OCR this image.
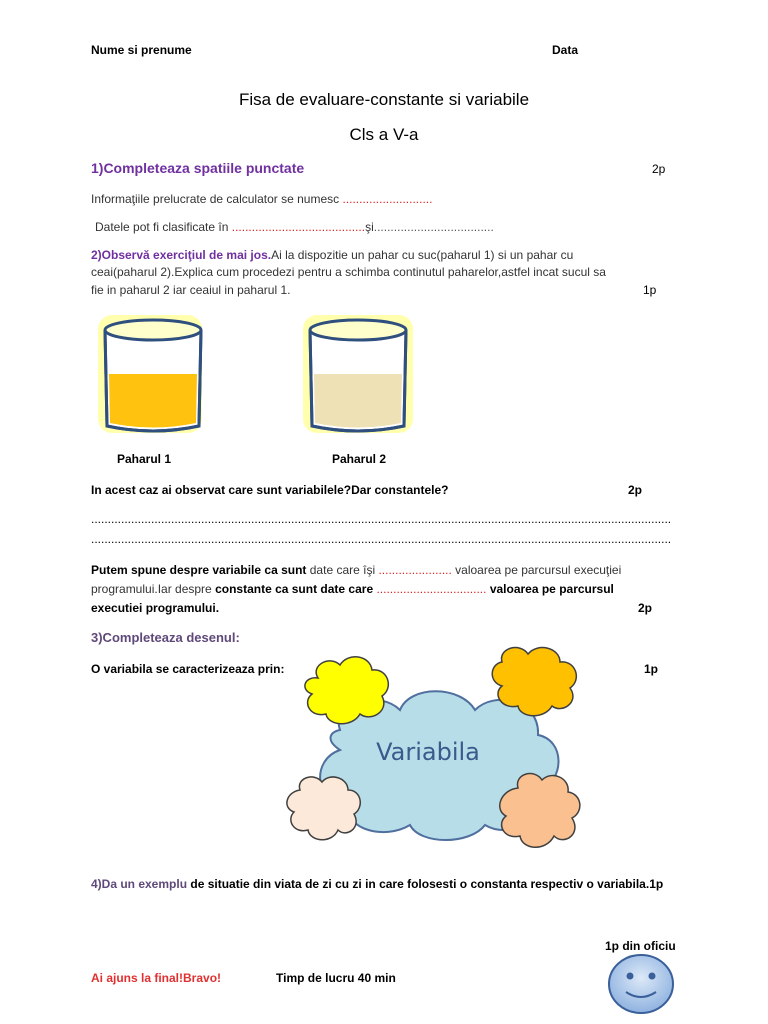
Nume si prenume	Data
Fisa de evaluare-constante si variabile
Cls a V-a
1)Completeaza spatiile punctate	2p
Informaţiile prelucrate de calculator se numesc ...........................
Datele pot fi clasificate în ........................................şi....................................
2)Observă exerciţiul de mai jos.Ai la dispozitie un pahar cu suc(paharul 1) si un pahar cu
ceai(paharul 2).Explica cum procedezi pentru a schimba continutul paharelor,astfel incat sucul sa
fie in paharul 2 iar ceaiul in paharul 1.	1p
Paharul 1	Paharul 2
In acest caz ai observat care sunt variabilele?Dar constantele?	2p
..............................................................................................................................................................................
..............................................................................................................................................................................
Putem spune despre variabile ca sunt date care îşi ...................... valoarea pe parcursul execuţiei
programului.Iar despre constante ca sunt date care ................................. valoarea pe parcursul
executiei programului.	2p
3)Completeaza desenul:
O variabila se caracterizeaza prin:	1p
Variabila
4)Da un exemplu de situatie din viata de zi cu zi in care folosesti o constanta respectiv o variabila.1p
1p din oficiu
Ai ajuns la final!Bravo!	Timp de lucru 40 min
